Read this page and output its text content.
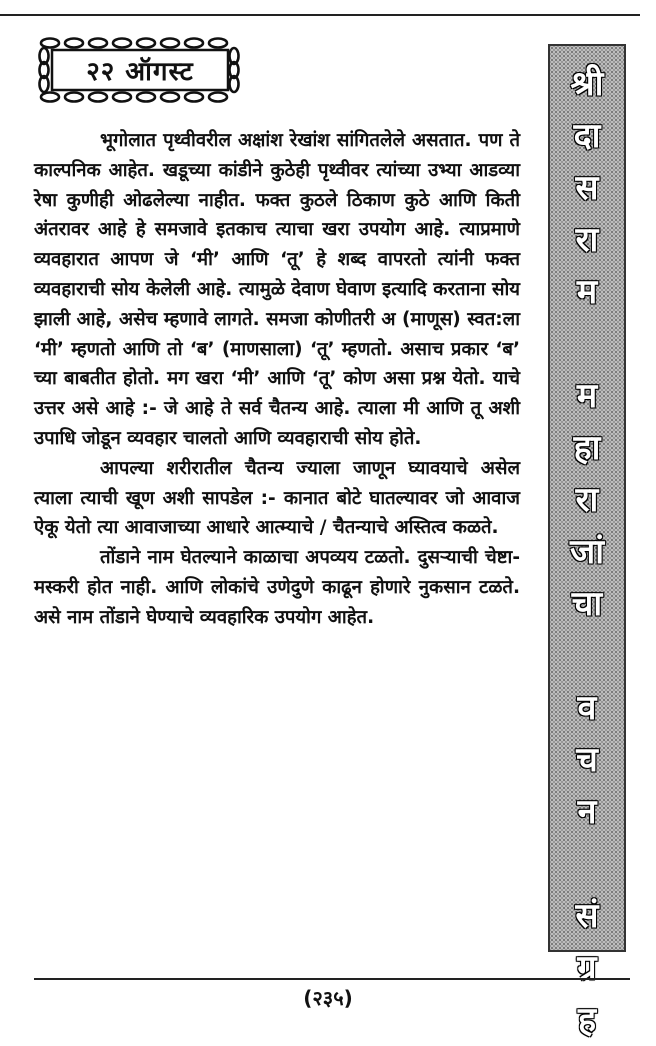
२२ ऑगस्ट

भूगोलात पृथ्वीवरील अक्षांश रेखांश सांगितलेले असतात. पण ते काल्पनिक आहेत. खडूच्या कांडीने कुठेही पृथ्वीवर त्यांच्या उभ्या आडव्या रेषा कुणीही ओढलेल्या नाहीत. फक्त कुठले ठिकाण कुठे आणि किती अंतरावर आहे हे समजावे इतकाच त्याचा खरा उपयोग आहे. त्याप्रमाणे व्यवहारात आपण जे ‘मी’ आणि ‘तू’ हे शब्द वापरतो त्यांनी फक्त व्यवहाराची सोय केलेली आहे. त्यामुळे देवाण घेवाण इत्यादि करताना सोय झाली आहे, असेच म्हणावे लागते. समजा कोणीतरी अ (माणूस) स्वत:ला ‘मी’ म्हणतो आणि तो ‘ब’ (माणसाला) ‘तू’ म्हणतो. असाच प्रकार ‘ब’ च्या बाबतीत होतो. मग खरा ‘मी’ आणि ‘तू’ कोण असा प्रश्न येतो. याचे उत्तर असे आहे :- जे आहे ते सर्व चैतन्य आहे. त्याला मी आणि तू अशी उपाधि जोडून व्यवहार चालतो आणि व्यवहाराची सोय होते.

आपल्या शरीरातील चैतन्य ज्याला जाणून घ्यावयाचे असेल त्याला त्याची खूण अशी सापडेल :- कानात बोटे घातल्यावर जो आवाज ऐकू येतो त्या आवाजाच्या आधारे आत्म्याचे / चैतन्याचे अस्तित्व कळते.

तोंडाने नाम घेतल्याने काळाचा अपव्यय टळतो. दुसऱ्याची चेष्टा-मस्करी होत नाही. आणि लोकांचे उणेदुणे काढून होणारे नुकसान टळते. असे नाम तोंडाने घेण्याचे व्यवहारिक उपयोग आहेत.

श्री
दा
स
रा
म
म
हा
रा
जां
चा
व
च
न
सं
ग्र
ह
(२३५)
